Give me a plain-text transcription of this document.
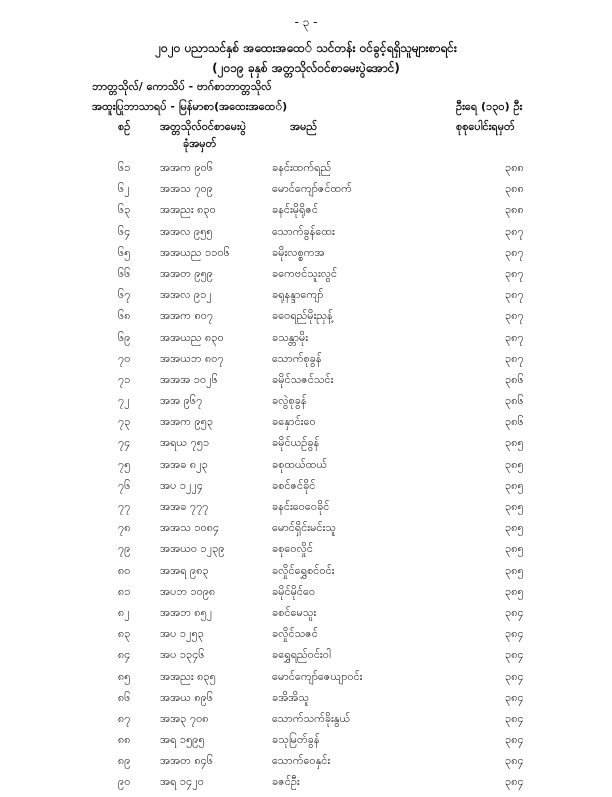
- ၃ -
၂၀၂၀ ပညာသင်နှစ် အထေးအထေ် သင်တန်း ဝင်ခွင့်ရရှိသူများစာရင်း
(၂၀၁၉ ခုနှစ် အတ္တသိုလ်ဝင်စာမေးပွဲအောင်)
ဘာတ္တသိုလ်/ ကောသိပ် - ဗာဂ်စာဘာတ္တသိုလ်
အထူးပြုဘာသာရပ် - မြန်မာစာ(အထေးအထေ်)	ဦးရေ (၁၃၀) ဦး
စဉ်	အတ္တသိုလ်ဝင်စာမေးပွဲ
ခုံအမှတ်
အမည်	စုစုပေါင်းရမှတ်
၆၁	အအက ၉၀၆	ခနင်းထက်ရည်	၃၈၈
၆၂	အအသ ၇၀၉	မောင်ကျော်ဇင်ထက်	၃၈၈
၆၃	အအညး ၈၃၀	ခနင်းမိုရိုဇင်	၃၈၈
၆၄	အအလ ၉၅၅	သောက်ခွန်ထေး	၃၈၇
၆၅	အအယည ၁၁၀၆	ခမိုးလစ္စကအ	၃၈၇
၆၆	အအတ ၉၅၉	ခကေဗင်သူးလွင်	၃၈၇
၆၇	အအလ ၉၁၂	ခရုနန္ဒာကျော်	၃၈၇
၆၈	အအက ၈၀၇	ခဝေရည်မိုးညှန့်	၃၈၇
၆၉	အအယည ၈၃၀	ခသန္တာမိုး	၃၈၇
၇၀	အအယဘ ၈၀၇	သောက်စုခွန်	၃၈၇
၇၁	အအအ ၁၀၂၆	ခမိုင်သဇင်သင်း	၃၈၆
၇၂	အအ ၉၆၇	ခလွဲစုခွန်	၃၈၆
၇၃	အအက ၉၅၃	ခနှောင်းဝေ	၃၈၆
၇၄	အရယ ၇၅၁	ခမိုင်ယဉ်ခွန်	၃၈၅
၇၅	အအခ ၈၂၃	ခစုထယ်ထယ်	၃၈၅
၇၆	အပ ၁၂၂၄	ခစင်ဇင်ခိုင်	၃၈၅
၇၇	အအခ ၇၇၇	ခနင်းဝေဝေခိုင်	၃၈၅
၇၈	အအသ ၁၀၈၄	မောင်ရှိင်းမင်းသူ	၃၈၅
၇၉	အအယဝ ၁၂၃၉	ခစုဝေလှိုင်	၃၈၅
၈၀	အအရ ၉၈၃	ခလှိုင်ရွှေစင်ဝင်း	၃၈၅
၈၁	အပဘ ၁၀၉၈	ခမိုင်မိုင်ဝေ	၃၈၅
၈၂	အအဘ ၈၅၂	ခစင်မေသူး	၃၈၄
၈၃	အပ ၁၂၅၃	ခလှိုင်သဇင်	၃၈၄
၈၄	အပ ၁၃၄၆	ခရွှေရည်ဝင်းဝါ	၃၈၄
၈၅	အအညး ၈၃၅	မောင်ကျော်ဇေယျာဝင်း	၃၈၄
၈၆	အအယ ၈၉၆	ခအိအိသူ	၃၈၄
၈၇	အအ၃ ၇၀၈	သောက်သက်ခိုးနွယ်	၃၈၄
၈၈	အရ ၁၅၉၅	ခသုမြတ်ခွန်	၃၈၄
၈၉	အအတ ၈၄၆	သောက်ဝေနှင်း	၃၈၄
၉၀	အရ ၁၄၂၀	ခဇင်ဦး	၃၈၄
